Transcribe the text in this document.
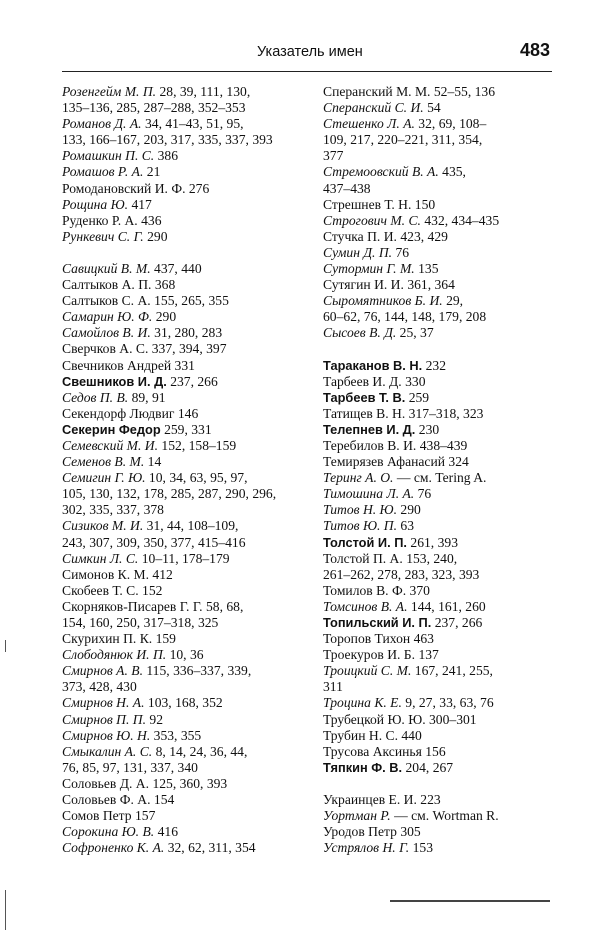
Указатель имен	483

Розенгейм М. П. 28, 39, 111, 130,

135–136, 285, 287–288, 352–353

Романов Д. А. 34, 41–43, 51, 95,

133, 166–167, 203, 317, 335, 337, 393

Ромашкин П. С. 386

Ромашов Р. А. 21

Ромодановский И. Ф. 276

Рощина Ю. 417

Руденко Р. А. 436

Рункевич С. Г. 290

Савицкий В. М. 437, 440

Салтыков А. П. 368

Салтыков С. А. 155, 265, 355

Самарин Ю. Ф. 290

Самойлов В. И. 31, 280, 283

Сверчков А. С. 337, 394, 397

Свечников Андрей 331

Свешников И. Д. 237, 266

Седов П. В. 89, 91

Секендорф Людвиг 146

Секерин Федор 259, 331

Семевский М. И. 152, 158–159

Семенов В. М. 14

Семигин Г. Ю. 10, 34, 63, 95, 97,

105, 130, 132, 178, 285, 287, 290, 296,

302, 335, 337, 378

Сизиков М. И. 31, 44, 108–109,

243, 307, 309, 350, 377, 415–416

Симкин Л. С. 10–11, 178–179

Симонов К. М. 412

Скобеев Т. С. 152

Скорняков-Писарев Г. Г. 58, 68,

154, 160, 250, 317–318, 325

Скурихин П. К. 159

Слободянюк И. П. 10, 36

Смирнов А. В. 115, 336–337, 339,

373, 428, 430

Смирнов Н. А. 103, 168, 352

Смирнов П. П. 92

Смирнов Ю. Н. 353, 355

Смыкалин А. С. 8, 14, 24, 36, 44,

76, 85, 97, 131, 337, 340

Соловьев Д. А. 125, 360, 393

Соловьев Ф. А. 154

Сомов Петр 157

Сорокина Ю. В. 416

Софроненко К. А. 32, 62, 311, 354

Сперанский М. М. 52–55, 136

Сперанский С. И. 54

Стешенко Л. А. 32, 69, 108–

109, 217, 220–221, 311, 354,

377

Стремоовский В. А. 435,

437–438

Стрешнев Т. Н. 150

Строгович М. С. 432, 434–435

Стучка П. И. 423, 429

Сумин Д. П. 76

Сутормин Г. М. 135

Сутягин И. И. 361, 364

Сыромятников Б. И. 29,

60–62, 76, 144, 148, 179, 208

Сысоев В. Д. 25, 37

Тараканов В. Н. 232

Тарбеев И. Д. 330

Тарбеев Т. В. 259

Татищев В. Н. 317–318, 323

Телепнев И. Д. 230

Теребилов В. И. 438–439

Темирязев Афанасий 324

Теринг А. О. — см. Tering A.

Тимошина Л. А. 76

Титов Н. Ю. 290

Титов Ю. П. 63

Толстой И. П. 261, 393

Толстой П. А. 153, 240,

261–262, 278, 283, 323, 393

Томилов В. Ф. 370

Томсинов В. А. 144, 161, 260

Топильский И. П. 237, 266

Торопов Тихон 463

Троекуров И. Б. 137

Троицкий С. М. 167, 241, 255,

311

Троцина К. Е. 9, 27, 33, 63, 76

Трубецкой Ю. Ю. 300–301

Трубин Н. С. 440

Трусова Аксинья 156

Тяпкин Ф. В. 204, 267

Украинцев Е. И. 223

Уортман Р. — см. Wortman R.

Уродов Петр 305

Устрялов Н. Г. 153
